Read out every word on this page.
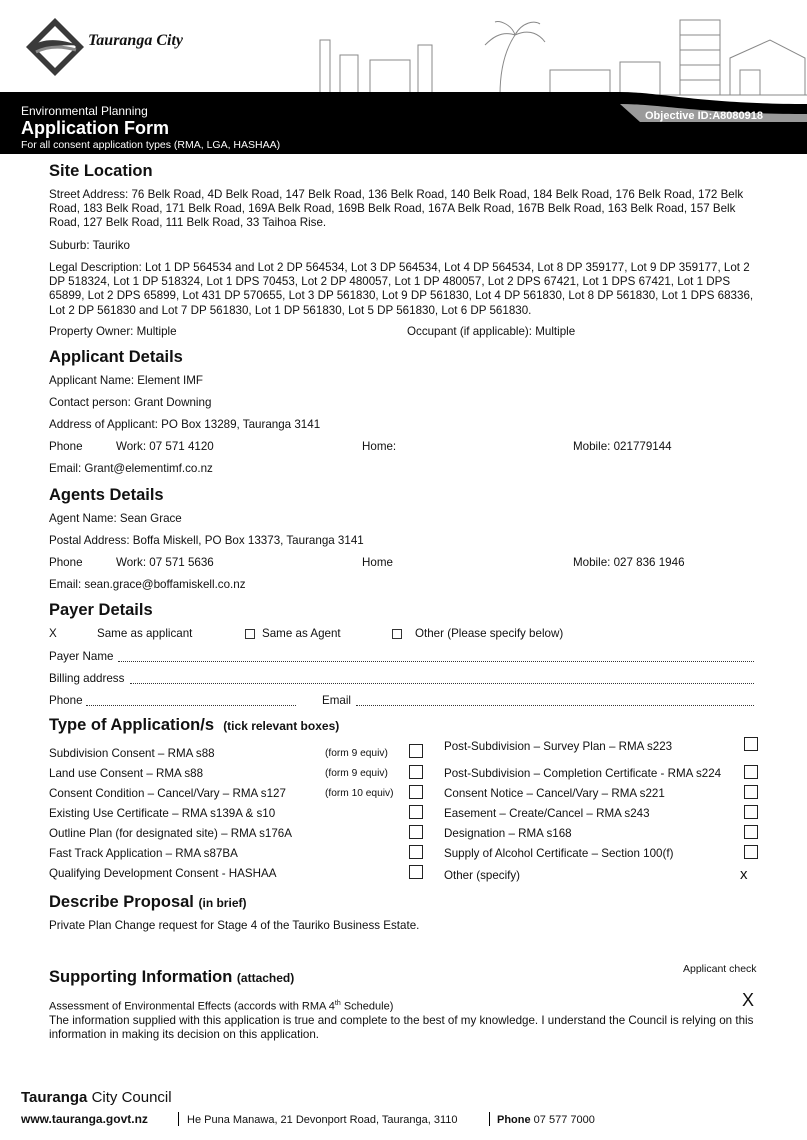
Tauranga City
Environmental Planning
Application Form
For all consent application types (RMA, LGA, HASHAA)
Objective ID:A8080918
Site Location
Street Address: 76 Belk Road, 4D Belk Road, 147 Belk Road, 136 Belk Road, 140 Belk Road, 184 Belk Road, 176 Belk Road, 172 Belk Road, 183 Belk Road, 171 Belk Road, 169A Belk Road, 169B Belk Road, 167A Belk Road, 167B Belk Road, 163 Belk Road, 157 Belk Road, 127 Belk Road, 111 Belk Road, 33 Taihoa Rise.
Suburb: Tauriko
Legal Description: Lot 1 DP 564534 and Lot 2 DP 564534, Lot 3 DP 564534, Lot 4 DP 564534, Lot 8 DP 359177, Lot 9 DP 359177, Lot 2 DP 518324, Lot 1 DP 518324, Lot 1 DPS 70453, Lot 2 DP 480057, Lot 1 DP 480057, Lot 2 DPS 67421, Lot 1 DPS 67421, Lot 1 DPS 65899, Lot 2 DPS 65899, Lot 431 DP 570655, Lot 3 DP 561830, Lot 9 DP 561830, Lot 4 DP 561830, Lot 8 DP 561830, Lot 1 DPS 68336, Lot 2 DP 561830 and Lot 7 DP 561830, Lot 1 DP 561830, Lot 5 DP 561830, Lot 6 DP 561830.
Property Owner: Multiple	Occupant (if applicable): Multiple
Applicant Details
Applicant Name: Element IMF
Contact person: Grant Downing
Address of Applicant: PO Box 13289, Tauranga 3141
Phone	Work: 07 571 4120	Home:	Mobile: 021779144
Email: Grant@elementimf.co.nz
Agents Details
Agent Name: Sean Grace
Postal Address: Boffa Miskell, PO Box 13373, Tauranga 3141
Phone	Work: 07 571 5636	Home	Mobile: 027 836 1946
Email: sean.grace@boffamiskell.co.nz
Payer Details
X	Same as applicant	Same as Agent	Other (Please specify below)
Payer Name
Billing address
Phone	Email
Type of Application/s (tick relevant boxes)
Subdivision Consent – RMA s88	(form 9 equiv)
Land use Consent – RMA s88	(form 9 equiv)
Consent Condition – Cancel/Vary – RMA s127	(form 10 equiv)
Existing Use Certificate – RMA s139A & s10
Outline Plan (for designated site) – RMA s176A
Fast Track Application – RMA s87BA
Qualifying Development Consent - HASHAA
Post-Subdivision – Survey Plan – RMA s223
Post-Subdivision – Completion Certificate - RMA s224
Consent Notice – Cancel/Vary – RMA s221
Easement – Create/Cancel – RMA s243
Designation – RMA s168
Supply of Alcohol Certificate – Section 100(f)
Other (specify)	x
Describe Proposal (in brief)
Private Plan Change request for Stage 4 of the Tauriko Business Estate.
Supporting Information (attached)
Applicant check
Assessment of Environmental Effects (accords with RMA 4th Schedule)	X
The information supplied with this application is true and complete to the best of my knowledge. I understand the Council is relying on this information in making its decision on this application.
Tauranga City Council
www.tauranga.govt.nz	He Puna Manawa, 21 Devonport Road, Tauranga, 3110	Phone 07 577 7000
